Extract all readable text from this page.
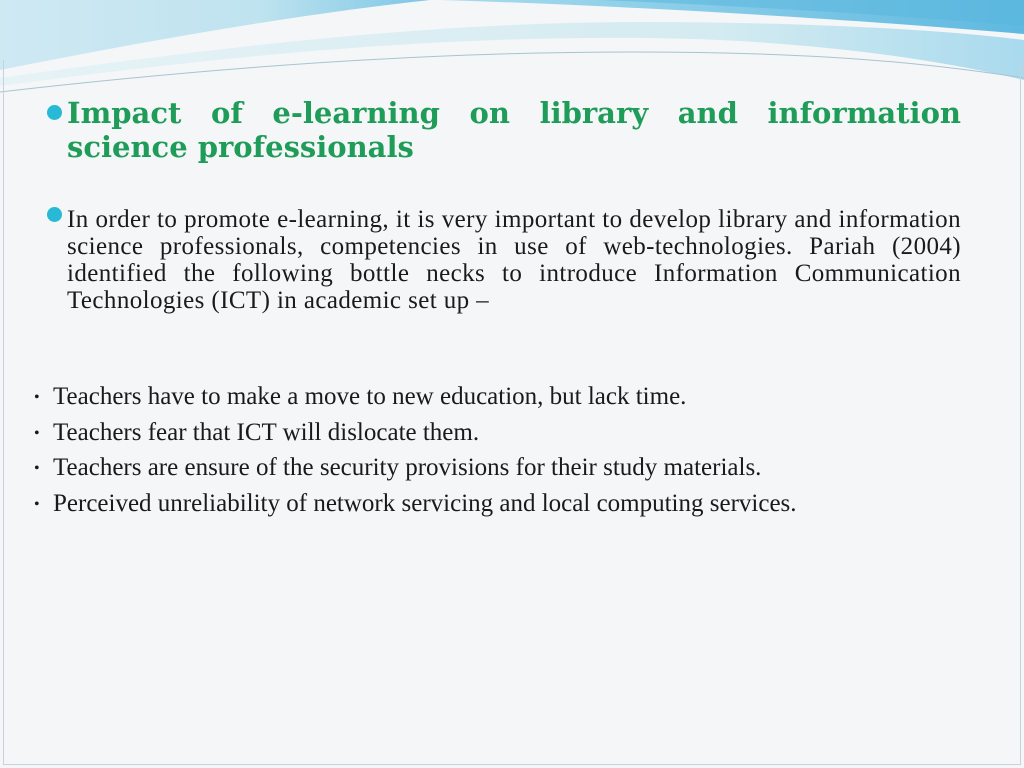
Impact of e-learning on library and information science professionals
In order to promote e-learning, it is very important to develop library and information science professionals, competencies in use of web-technologies. Pariah (2004) identified the following bottle necks to introduce Information Communication Technologies (ICT) in academic set up –
• Teachers have to make a move to new education, but lack time.
• Teachers fear that ICT will dislocate them.
• Teachers are ensure of the security provisions for their study materials.
• Perceived unreliability of network servicing and local computing services.
